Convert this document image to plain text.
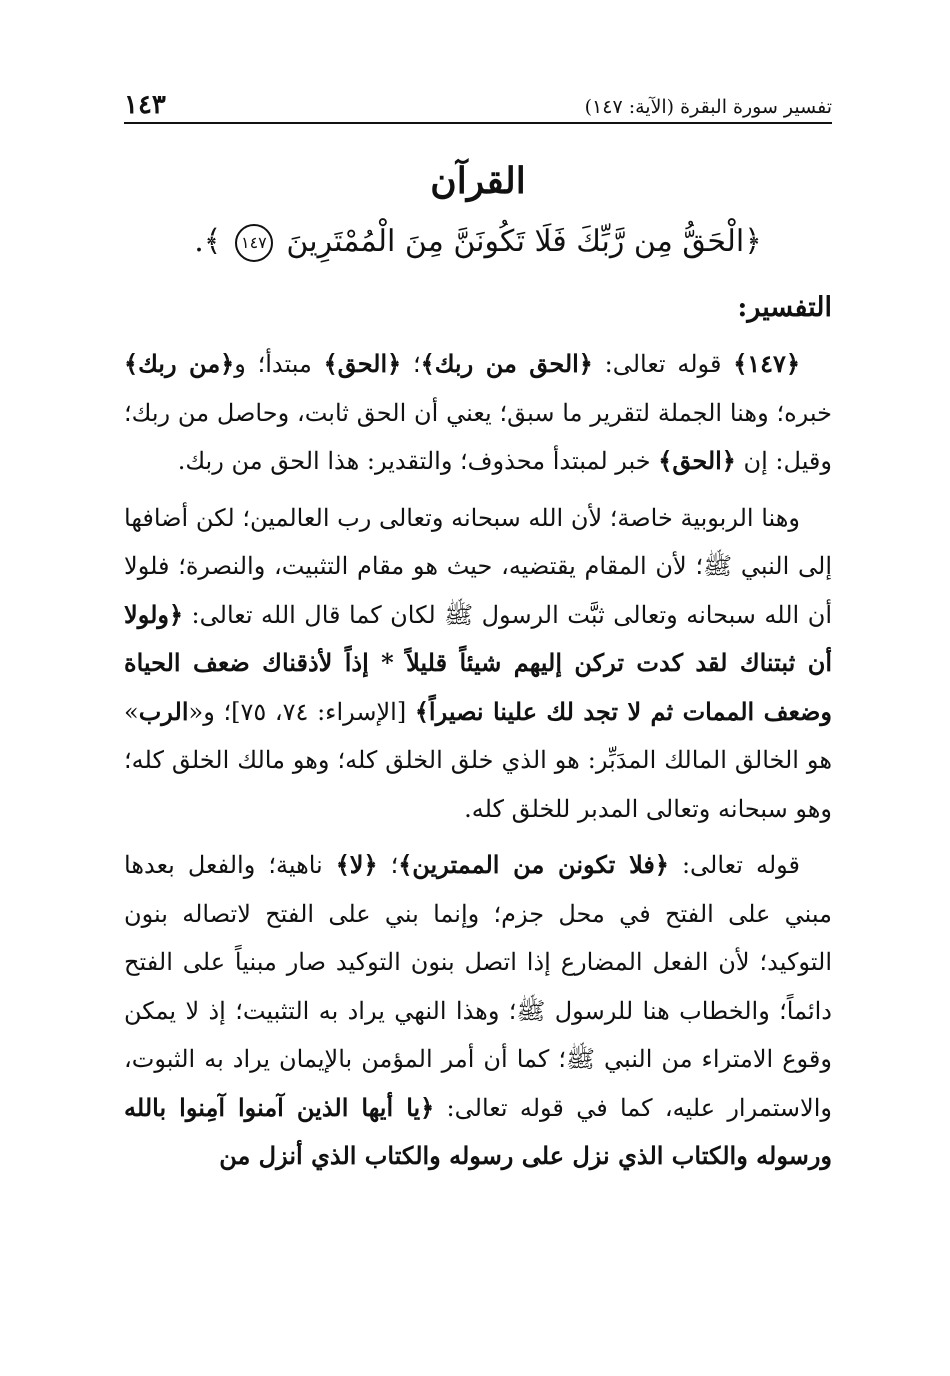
تفسير سورة البقرة (الآية: ١٤٧)
١٤٣
القرآن
﴿الْحَقُّ مِن رَّبِّكَ فَلَا تَكُونَنَّ مِنَ الْمُمْتَرِينَ ١٤٧ ﴾.
التفسير:

﴿١٤٧﴾ قوله تعالى: ﴿الحق من ربك﴾؛ ﴿الحق﴾ مبتدأ؛ و﴿من ربك﴾ خبره؛ وهنا الجملة لتقرير ما سبق؛ يعني أن الحق ثابت، وحاصل من ربك؛ وقيل: إن ﴿الحق﴾ خبر لمبتدأ محذوف؛ والتقدير: هذا الحق من ربك.

وهنا الربوبية خاصة؛ لأن الله سبحانه وتعالى رب العالمين؛ لكن أضافها إلى النبي ﷺ؛ لأن المقام يقتضيه، حيث هو مقام التثبيت، والنصرة؛ فلولا أن الله سبحانه وتعالى ثبَّت الرسول ﷺ لكان كما قال الله تعالى: ﴿ولولا أن ثبتناك لقد كدت تركن إليهم شيئاً قليلاً * إذاً لأذقناك ضعف الحياة وضعف الممات ثم لا تجد لك علينا نصيراً﴾ [الإسراء: ٧٤، ٧٥]؛ و«الرب» هو الخالق المالك المدَبِّر: هو الذي خلق الخلق كله؛ وهو مالك الخلق كله؛ وهو سبحانه وتعالى المدبر للخلق كله.

قوله تعالى: ﴿فلا تكونن من الممترين﴾؛ ﴿لا﴾ ناهية؛ والفعل بعدها مبني على الفتح في محل جزم؛ وإنما بني على الفتح لاتصاله بنون التوكيد؛ لأن الفعل المضارع إذا اتصل بنون التوكيد صار مبنياً على الفتح دائماً؛ والخطاب هنا للرسول ﷺ؛ وهذا النهي يراد به التثبيت؛ إذ لا يمكن وقوع الامتراء من النبي ﷺ؛ كما أن أمر المؤمن بالإيمان يراد به الثبوت، والاستمرار عليه، كما في قوله تعالى: ﴿يا أيها الذين آمنوا آمِنوا بالله ورسوله والكتاب الذي نزل على رسوله والكتاب الذي أنزل من
